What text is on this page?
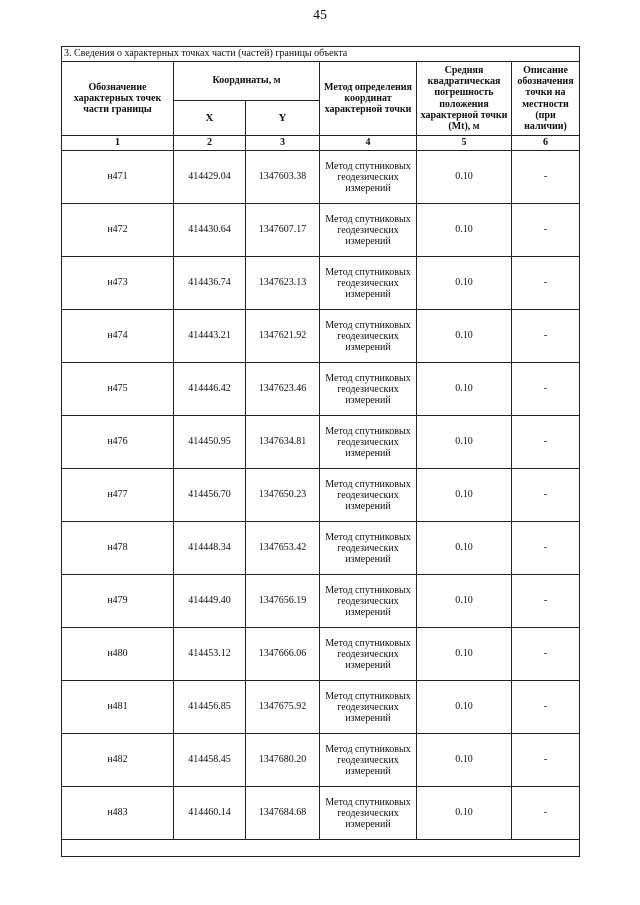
45
3. Сведения о характерных точках части (частей) границы объекта					
Обозначение характерных точек части границы	Координаты, м		Метод определения координат характерной точки	Средняя квадратическая погрешность положения характерной точки (Mt), м	Описание обозначения точки на местности (при наличии)
	X	Y			
1	2	3	4	5	6
н471	414429.04	1347603.38	Метод спутниковых геодезических измерений	0.10	-
н472	414430.64	1347607.17	Метод спутниковых геодезических измерений	0.10	-
н473	414436.74	1347623.13	Метод спутниковых геодезических измерений	0.10	-
н474	414443.21	1347621.92	Метод спутниковых геодезических измерений	0.10	-
н475	414446.42	1347623.46	Метод спутниковых геодезических измерений	0.10	-
н476	414450.95	1347634.81	Метод спутниковых геодезических измерений	0.10	-
н477	414456.70	1347650.23	Метод спутниковых геодезических измерений	0.10	-
н478	414448.34	1347653.42	Метод спутниковых геодезических измерений	0.10	-
н479	414449.40	1347656.19	Метод спутниковых геодезических измерений	0.10	-
н480	414453.12	1347666.06	Метод спутниковых геодезических измерений	0.10	-
н481	414456.85	1347675.92	Метод спутниковых геодезических измерений	0.10	-
н482	414458.45	1347680.20	Метод спутниковых геодезических измерений	0.10	-
н483	414460.14	1347684.68	Метод спутниковых геодезических измерений	0.10	-
